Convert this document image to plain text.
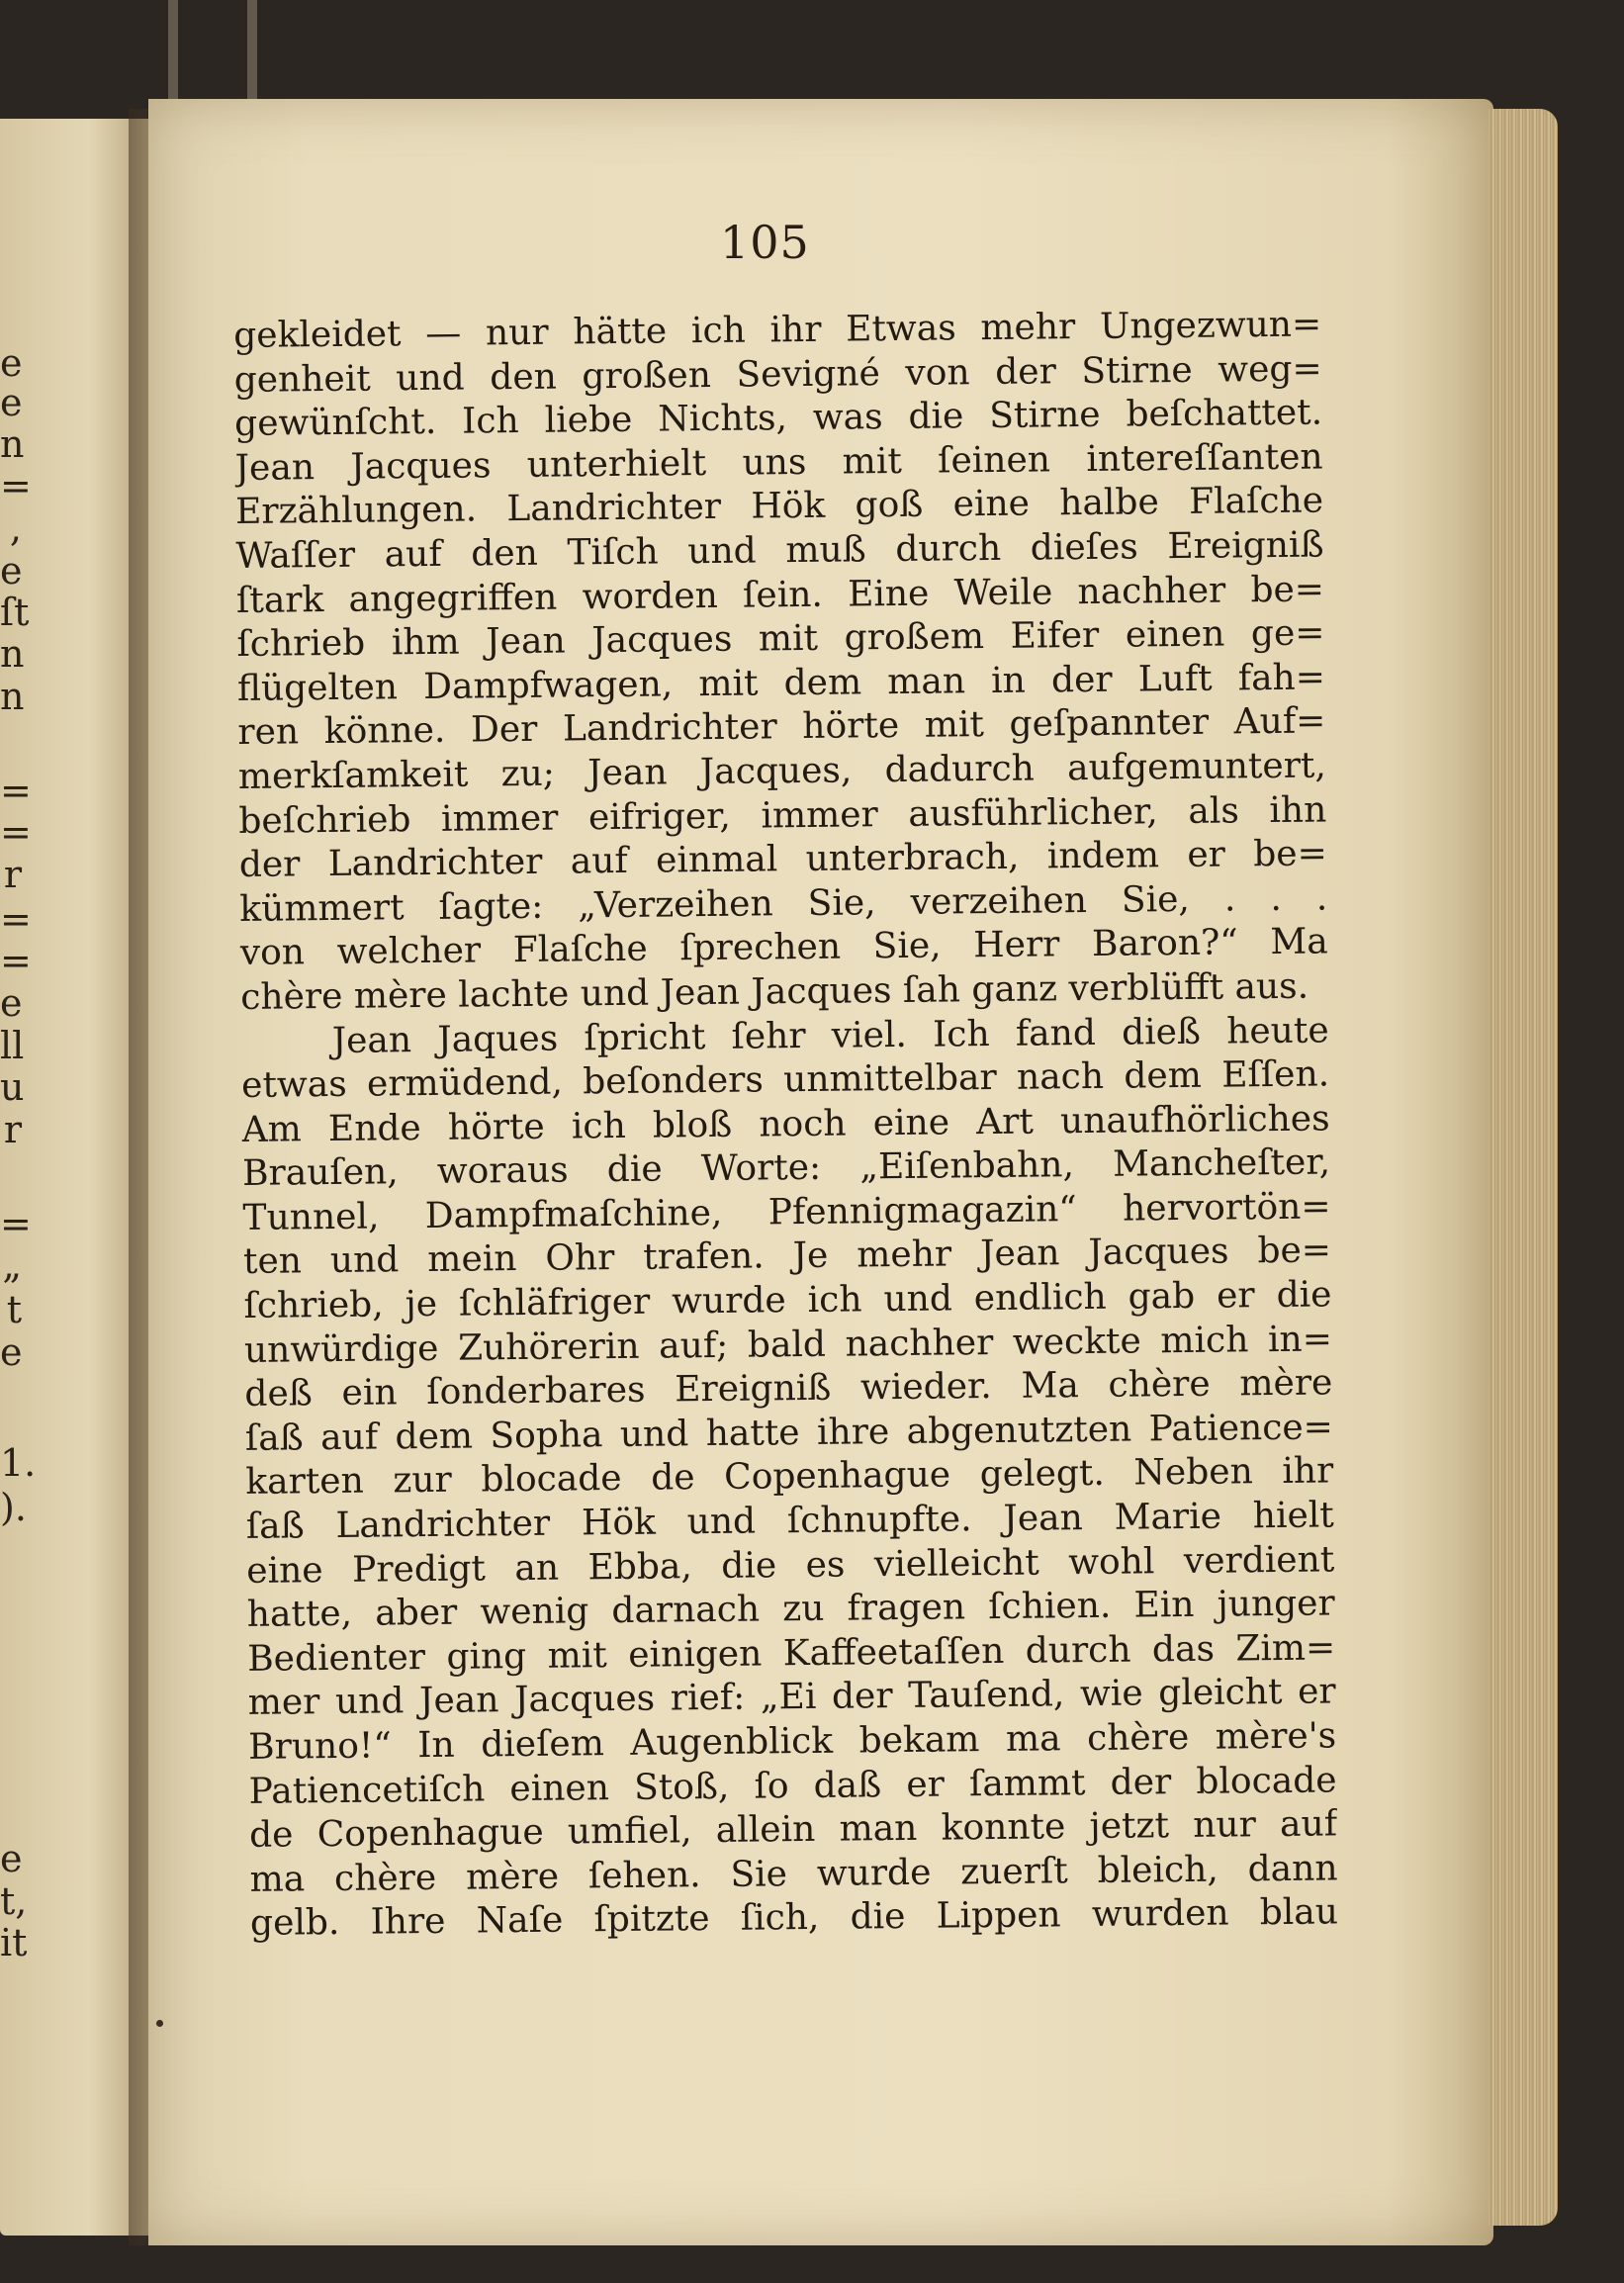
e
e
n
=
,
e
ſt
n
n
=
=
r
=
=
e
ll
u
r
=
„
t
e
1.
).
e
t,
it
105
gekleidet — nur hätte ich ihr Etwas mehr Ungezwun=
genheit und den großen Sevigné von der Stirne weg=
gewünſcht. Ich liebe Nichts, was die Stirne beſchattet.
Jean Jacques unterhielt uns mit ſeinen intereſſanten
Erzählungen. Landrichter Hök goß eine halbe Flaſche
Waſſer auf den Tiſch und muß durch dieſes Ereigniß
ſtark angegriffen worden ſein. Eine Weile nachher be=
ſchrieb ihm Jean Jacques mit großem Eifer einen ge=
flügelten Dampfwagen, mit dem man in der Luft fah=
ren könne. Der Landrichter hörte mit geſpannter Auf=
merkſamkeit zu; Jean Jacques, dadurch aufgemuntert,
beſchrieb immer eifriger, immer ausführlicher, als ihn
der Landrichter auf einmal unterbrach, indem er be=
kümmert ſagte: „Verzeihen Sie, verzeihen Sie, . . .
von welcher Flaſche ſprechen Sie, Herr Baron?“ Ma
chère mère lachte und Jean Jacques ſah ganz verblüfft aus.
Jean Jaques ſpricht ſehr viel. Ich fand dieß heute
etwas ermüdend, beſonders unmittelbar nach dem Eſſen.
Am Ende hörte ich bloß noch eine Art unaufhörliches
Brauſen, woraus die Worte: „Eiſenbahn, Mancheſter,
Tunnel, Dampfmaſchine, Pfennigmagazin“ hervortön=
ten und mein Ohr trafen. Je mehr Jean Jacques be=
ſchrieb, je ſchläfriger wurde ich und endlich gab er die
unwürdige Zuhörerin auf; bald nachher weckte mich in=
deß ein ſonderbares Ereigniß wieder. Ma chère mère
ſaß auf dem Sopha und hatte ihre abgenutzten Patience=
karten zur blocade de Copenhague gelegt. Neben ihr
ſaß Landrichter Hök und ſchnupfte. Jean Marie hielt
eine Predigt an Ebba, die es vielleicht wohl verdient
hatte, aber wenig darnach zu fragen ſchien. Ein junger
Bedienter ging mit einigen Kaffeetaſſen durch das Zim=
mer und Jean Jacques rief: „Ei der Tauſend, wie gleicht er
Bruno!“ In dieſem Augenblick bekam ma chère mère's
Patiencetiſch einen Stoß, ſo daß er ſammt der blocade
de Copenhague umfiel, allein man konnte jetzt nur auf
ma chère mère ſehen. Sie wurde zuerſt bleich, dann
gelb. Ihre Naſe ſpitzte ſich, die Lippen wurden blau
